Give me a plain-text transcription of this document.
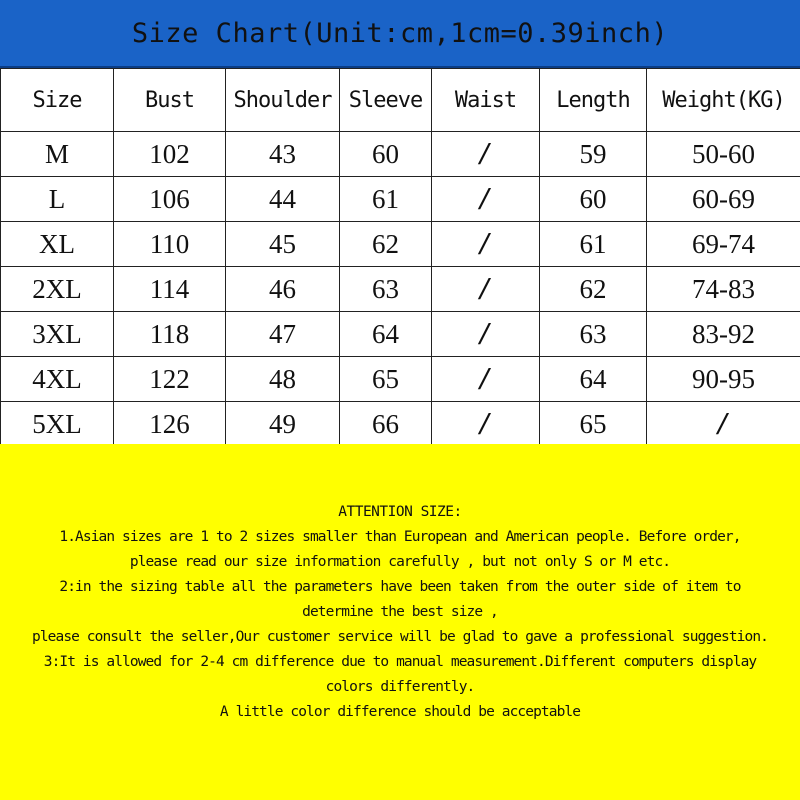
Size Chart(Unit:cm,1cm=0.39inch)
Size	Bust	Shoulder	Sleeve	Waist	Length	Weight(KG)
M	102	43	60	/	59	50-60
L	106	44	61	/	60	60-69
XL	110	45	62	/	61	69-74
2XL	114	46	63	/	62	74-83
3XL	118	47	64	/	63	83-92
4XL	122	48	65	/	64	90-95
5XL	126	49	66	/	65	/
ATTENTION SIZE:
1.Asian sizes are 1 to 2 sizes smaller than European and American people. Before order,
please read our size information carefully , but not only S or M etc.
2:in the sizing table all the parameters have been taken from the outer side of item to
determine the best size ,
please consult the seller,Our customer service will be glad to gave a professional suggestion.
3:It is allowed for 2-4 cm difference due to manual measurement.Different computers display
colors differently.
A little color difference should be acceptable
